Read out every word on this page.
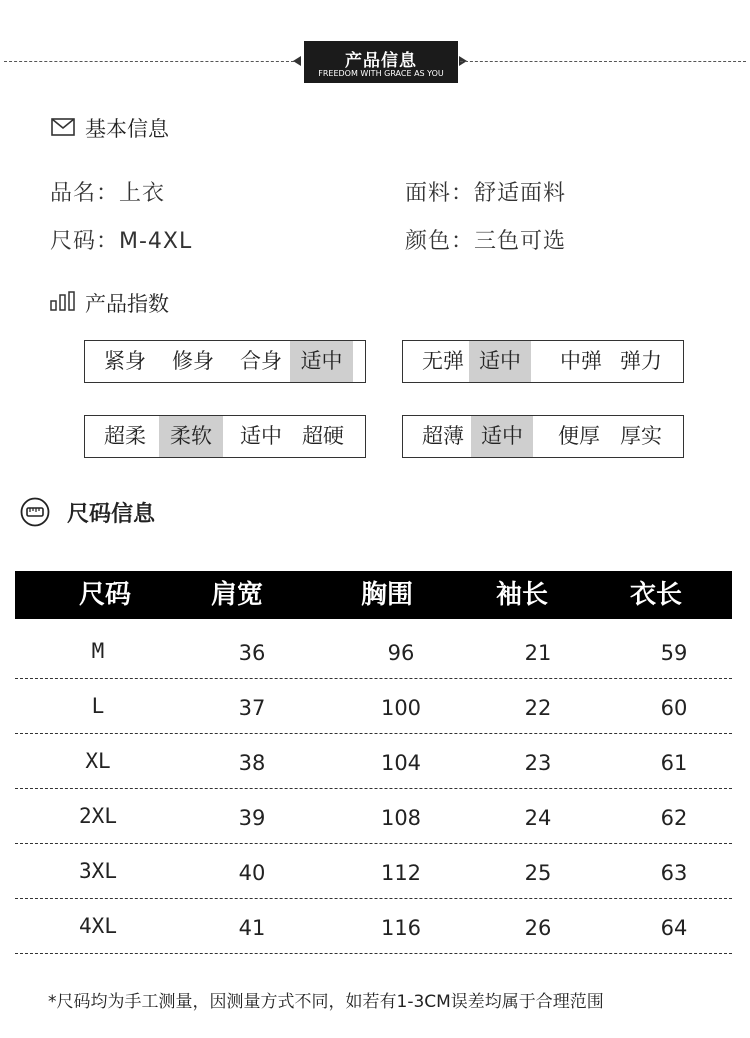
产品信息
FREEDOM WITH GRACE AS YOU
基本信息
品名：上衣	面料：舒适面料
尺码：M-4XL	颜色：三色可选
产品指数
紧身	修身	合身 适中	无弹 适中	中弹 弹力
超柔	柔软	适中 超硬	超薄 适中	便厚 厚实
尺码信息
尺码	肩宽	胸围	袖长	衣长
M	36	96	21	59
L	37	100	22	60
XL	38	104	23	61
2XL	39	108	24	62
3XL	40	112	25	63
4XL	41	116	26	64
*尺码均为手工测量，因测量方式不同，如若有1-3CM误差均属于合理范围
